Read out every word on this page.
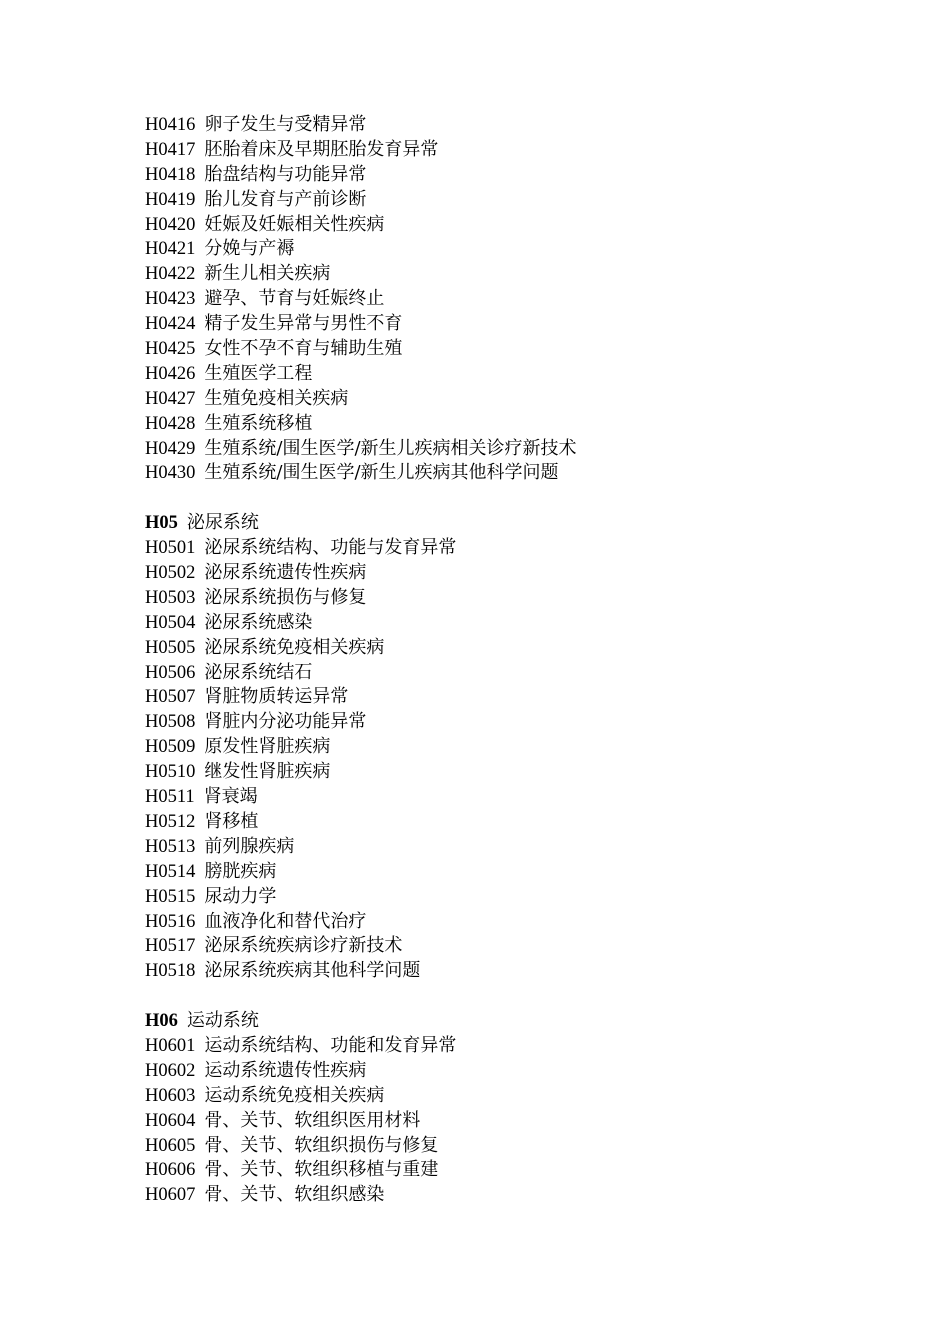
H0416 卵子发生与受精异常
H0417 胚胎着床及早期胚胎发育异常
H0418 胎盘结构与功能异常
H0419 胎儿发育与产前诊断
H0420 妊娠及妊娠相关性疾病
H0421 分娩与产褥
H0422 新生儿相关疾病
H0423 避孕、节育与妊娠终止
H0424 精子发生异常与男性不育
H0425 女性不孕不育与辅助生殖
H0426 生殖医学工程
H0427 生殖免疫相关疾病
H0428 生殖系统移植
H0429 生殖系统/围生医学/新生儿疾病相关诊疗新技术
H0430 生殖系统/围生医学/新生儿疾病其他科学问题
H05 泌尿系统
H0501 泌尿系统结构、功能与发育异常
H0502 泌尿系统遗传性疾病
H0503 泌尿系统损伤与修复
H0504 泌尿系统感染
H0505 泌尿系统免疫相关疾病
H0506 泌尿系统结石
H0507 肾脏物质转运异常
H0508 肾脏内分泌功能异常
H0509 原发性肾脏疾病
H0510 继发性肾脏疾病
H0511 肾衰竭
H0512 肾移植
H0513 前列腺疾病
H0514 膀胱疾病
H0515 尿动力学
H0516 血液净化和替代治疗
H0517 泌尿系统疾病诊疗新技术
H0518 泌尿系统疾病其他科学问题
H06 运动系统
H0601 运动系统结构、功能和发育异常
H0602 运动系统遗传性疾病
H0603 运动系统免疫相关疾病
H0604 骨、关节、软组织医用材料
H0605 骨、关节、软组织损伤与修复
H0606 骨、关节、软组织移植与重建
H0607 骨、关节、软组织感染
